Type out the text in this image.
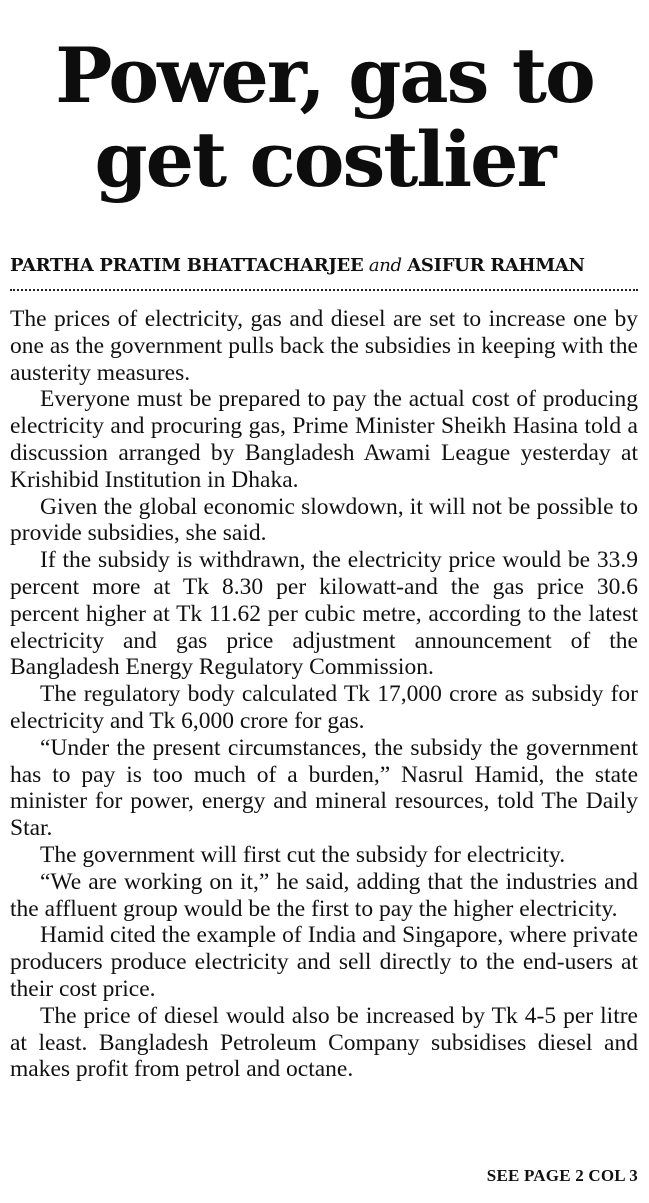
Power, gas to
get costlier

PARTHA PRATIM BHATTACHARJEE and ASIFUR RAHMAN

The prices of electricity, gas and diesel are set to increase one by one as the government pulls back the subsidies in keeping with the austerity measures.

Everyone must be prepared to pay the actual cost of producing electricity and procuring gas, Prime Minister Sheikh Hasina told a discussion arranged by Bangladesh Awami League yesterday at Krishibid Institution in Dhaka.

Given the global economic slowdown, it will not be possible to provide subsidies, she said.

If the subsidy is withdrawn, the electricity price would be 33.9 percent more at Tk 8.30 per kilowatt-and the gas price 30.6 percent higher at Tk 11.62 per cubic metre, according to the latest electricity and gas price adjustment announcement of the Bangladesh Energy Regulatory Commission.

The regulatory body calculated Tk 17,000 crore as subsidy for electricity and Tk 6,000 crore for gas.

“Under the present circumstances, the subsidy the government has to pay is too much of a burden,” Nasrul Hamid, the state minister for power, energy and mineral resources, told The Daily Star.

The government will first cut the subsidy for electricity.

“We are working on it,” he said, adding that the industries and the affluent group would be the first to pay the higher electricity.

Hamid cited the example of India and Singapore, where private producers produce electricity and sell directly to the end-users at their cost price.

The price of diesel would also be increased by Tk 4-5 per litre at least. Bangladesh Petroleum Company subsidises diesel and makes profit from petrol and octane.

SEE PAGE 2 COL 3
